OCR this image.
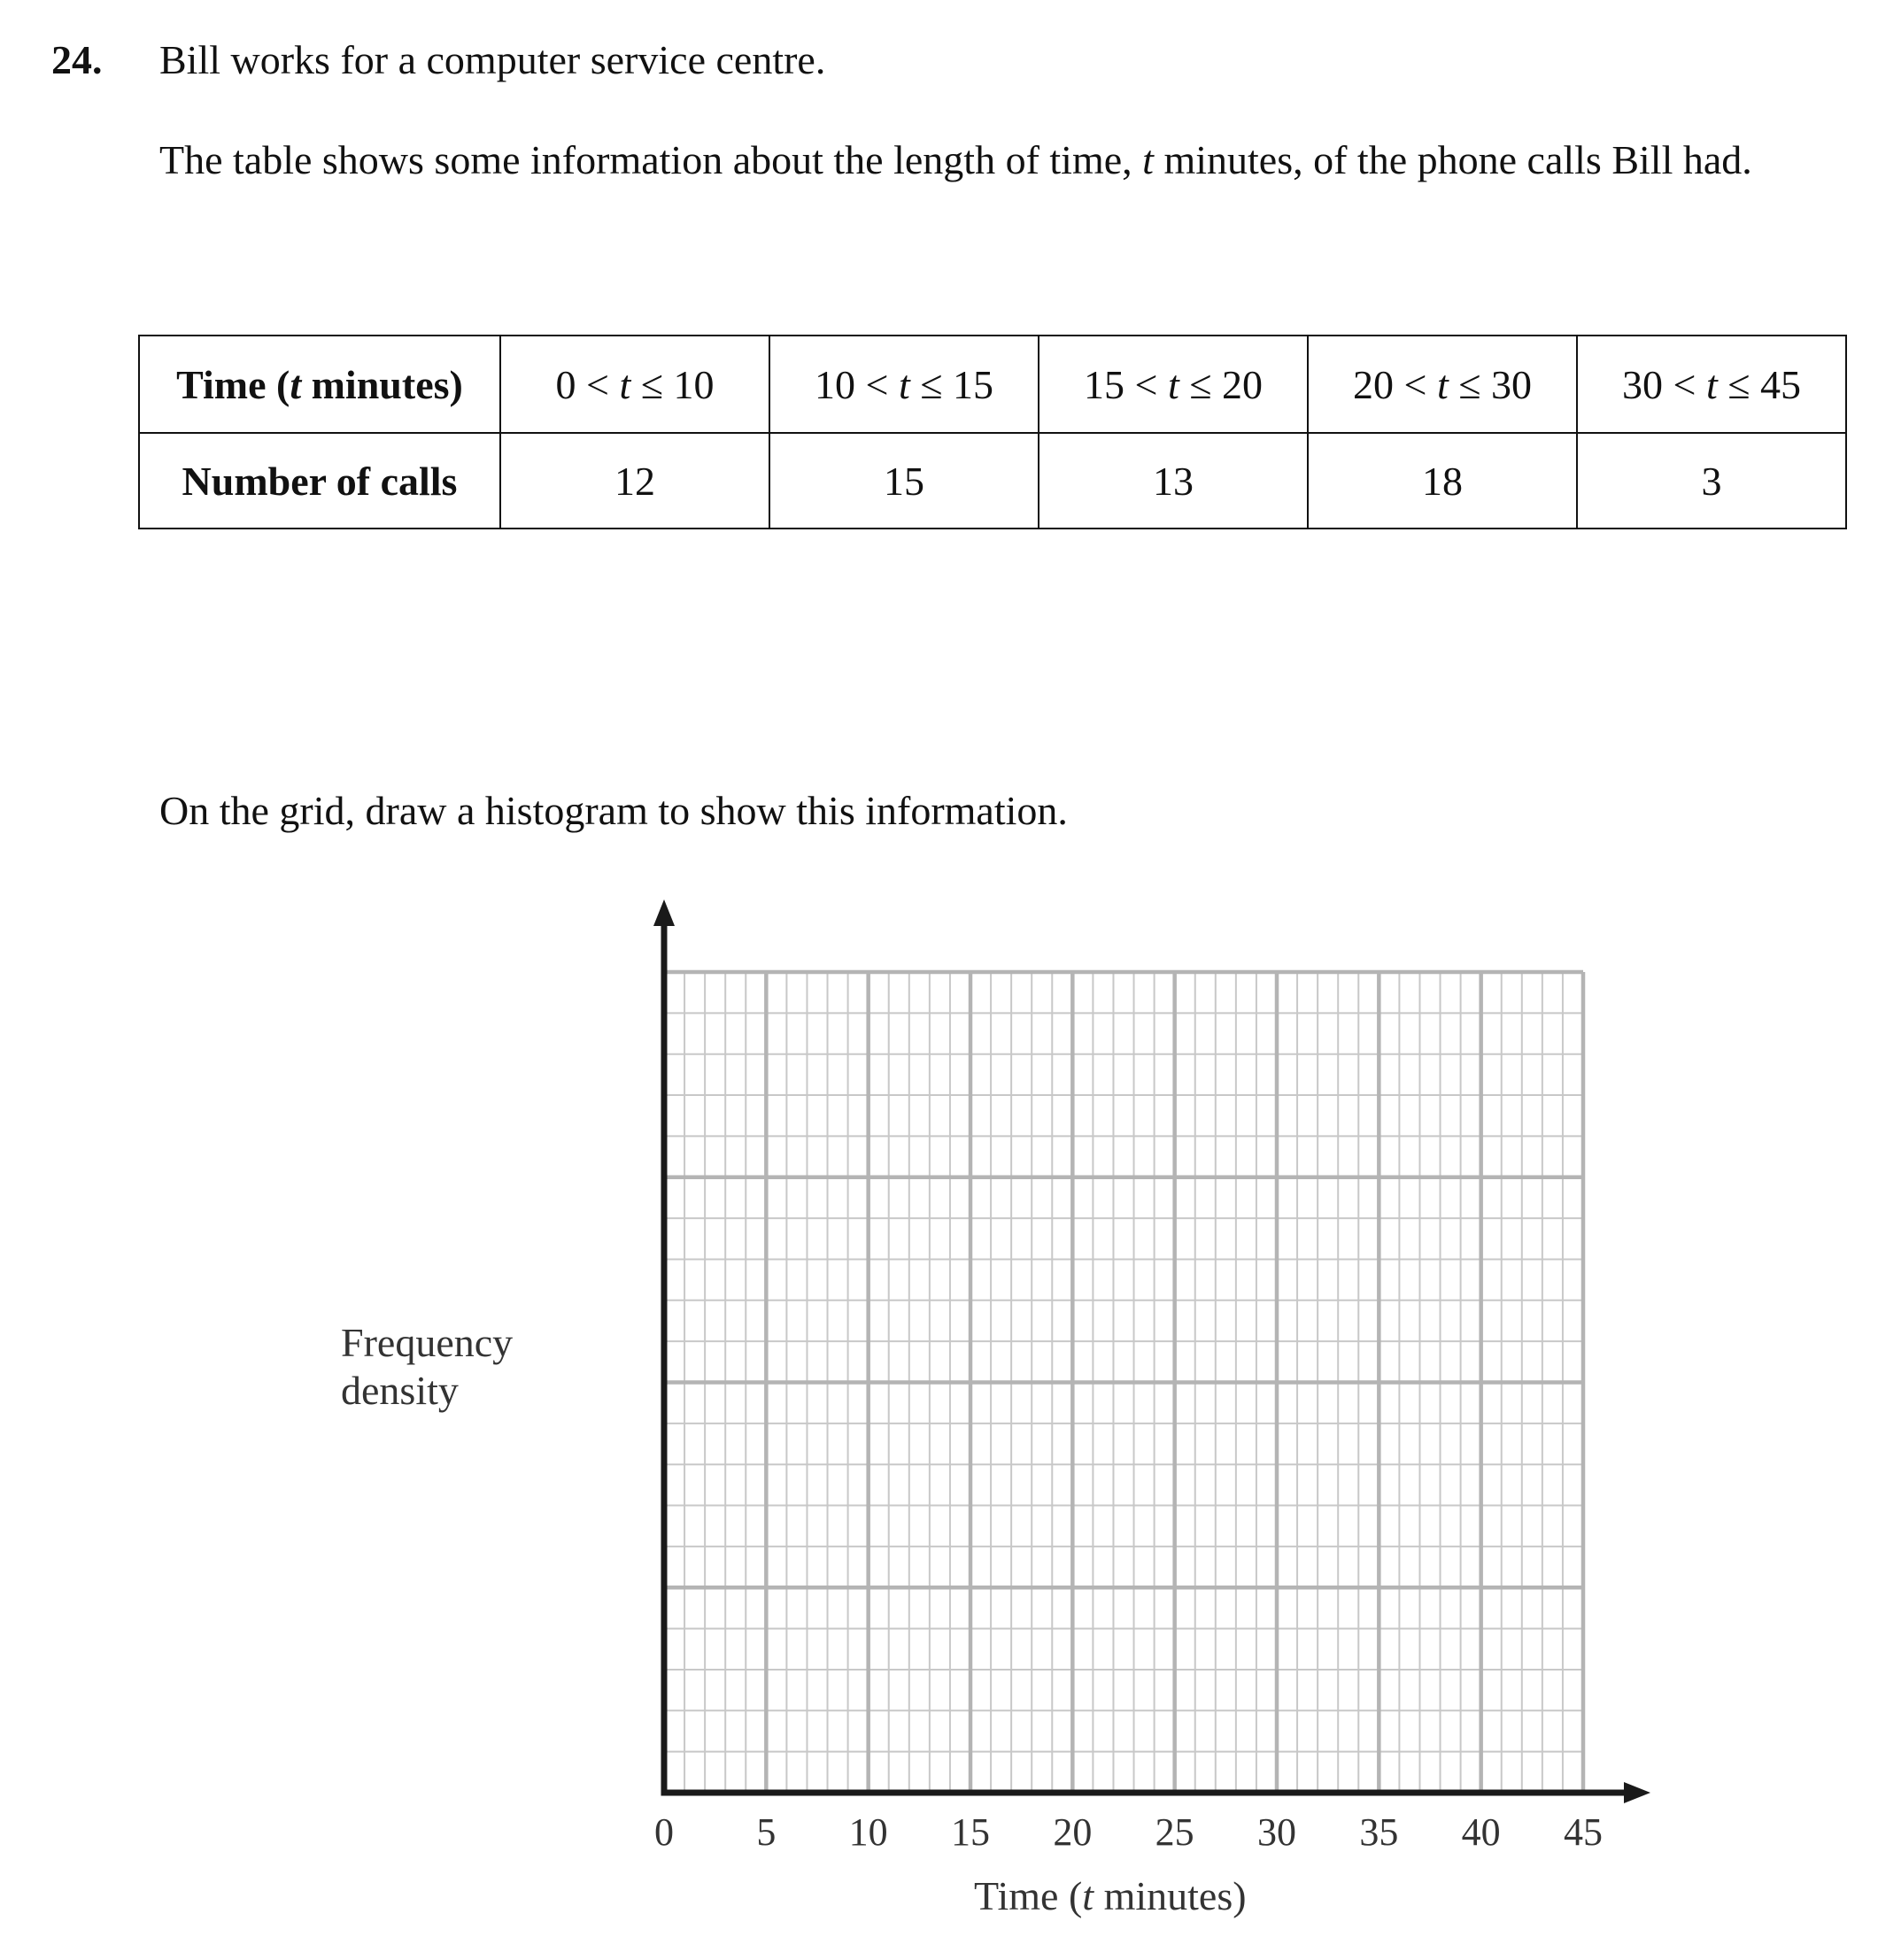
24. Bill works for a computer service centre.
The table shows some information about the length of time, t minutes, of the phone calls Bill had.
Time (t minutes)	0 < t ≤ 10	10 < t ≤ 15	15 < t ≤ 20	20 < t ≤ 30	30 < t ≤ 45
Number of calls	12	15	13	18	3
On the grid, draw a histogram to show this information.
Frequency
density
0 5 10 15 20 25 30 35 40 45
Time (t minutes)
